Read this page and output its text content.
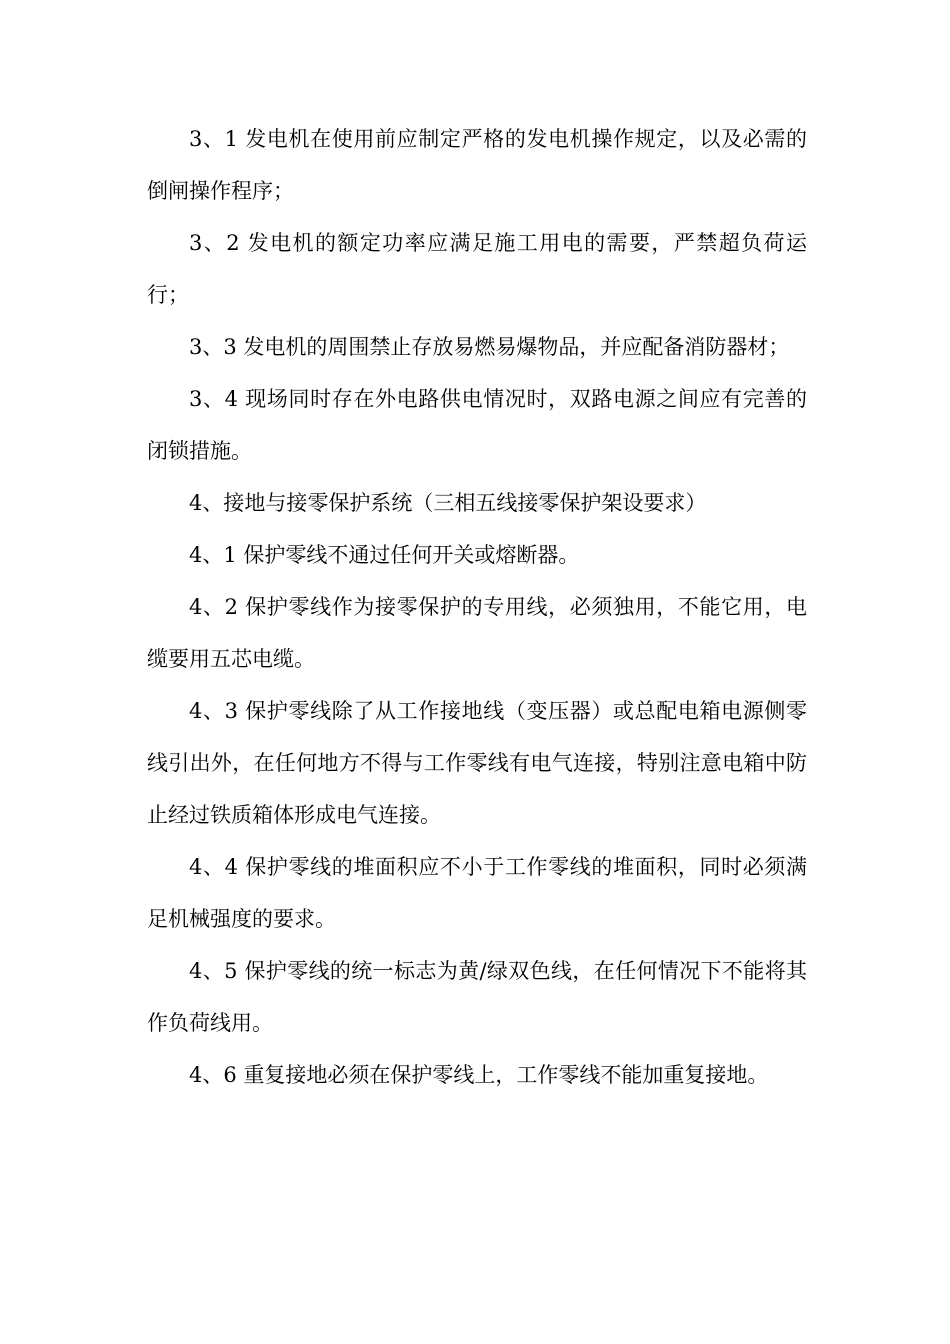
3、1 发电机在使用前应制定严格的发电机操作规定，以及必需的倒闸操作程序；

3、2 发电机的额定功率应满足施工用电的需要，严禁超负荷运行；

3、3 发电机的周围禁止存放易燃易爆物品，并应配备消防器材；

3、4 现场同时存在外电路供电情况时，双路电源之间应有完善的闭锁措施。

4、接地与接零保护系统（三相五线接零保护架设要求）

4、1 保护零线不通过任何开关或熔断器。

4、2 保护零线作为接零保护的专用线，必须独用，不能它用，电缆要用五芯电缆。

4、3 保护零线除了从工作接地线（变压器）或总配电箱电源侧零线引出外，在任何地方不得与工作零线有电气连接，特别注意电箱中防止经过铁质箱体形成电气连接。

4、4 保护零线的堆面积应不小于工作零线的堆面积，同时必须满足机械强度的要求。

4、5 保护零线的统一标志为黄/绿双色线，在任何情况下不能将其作负荷线用。

4、6 重复接地必须在保护零线上，工作零线不能加重复接地。
